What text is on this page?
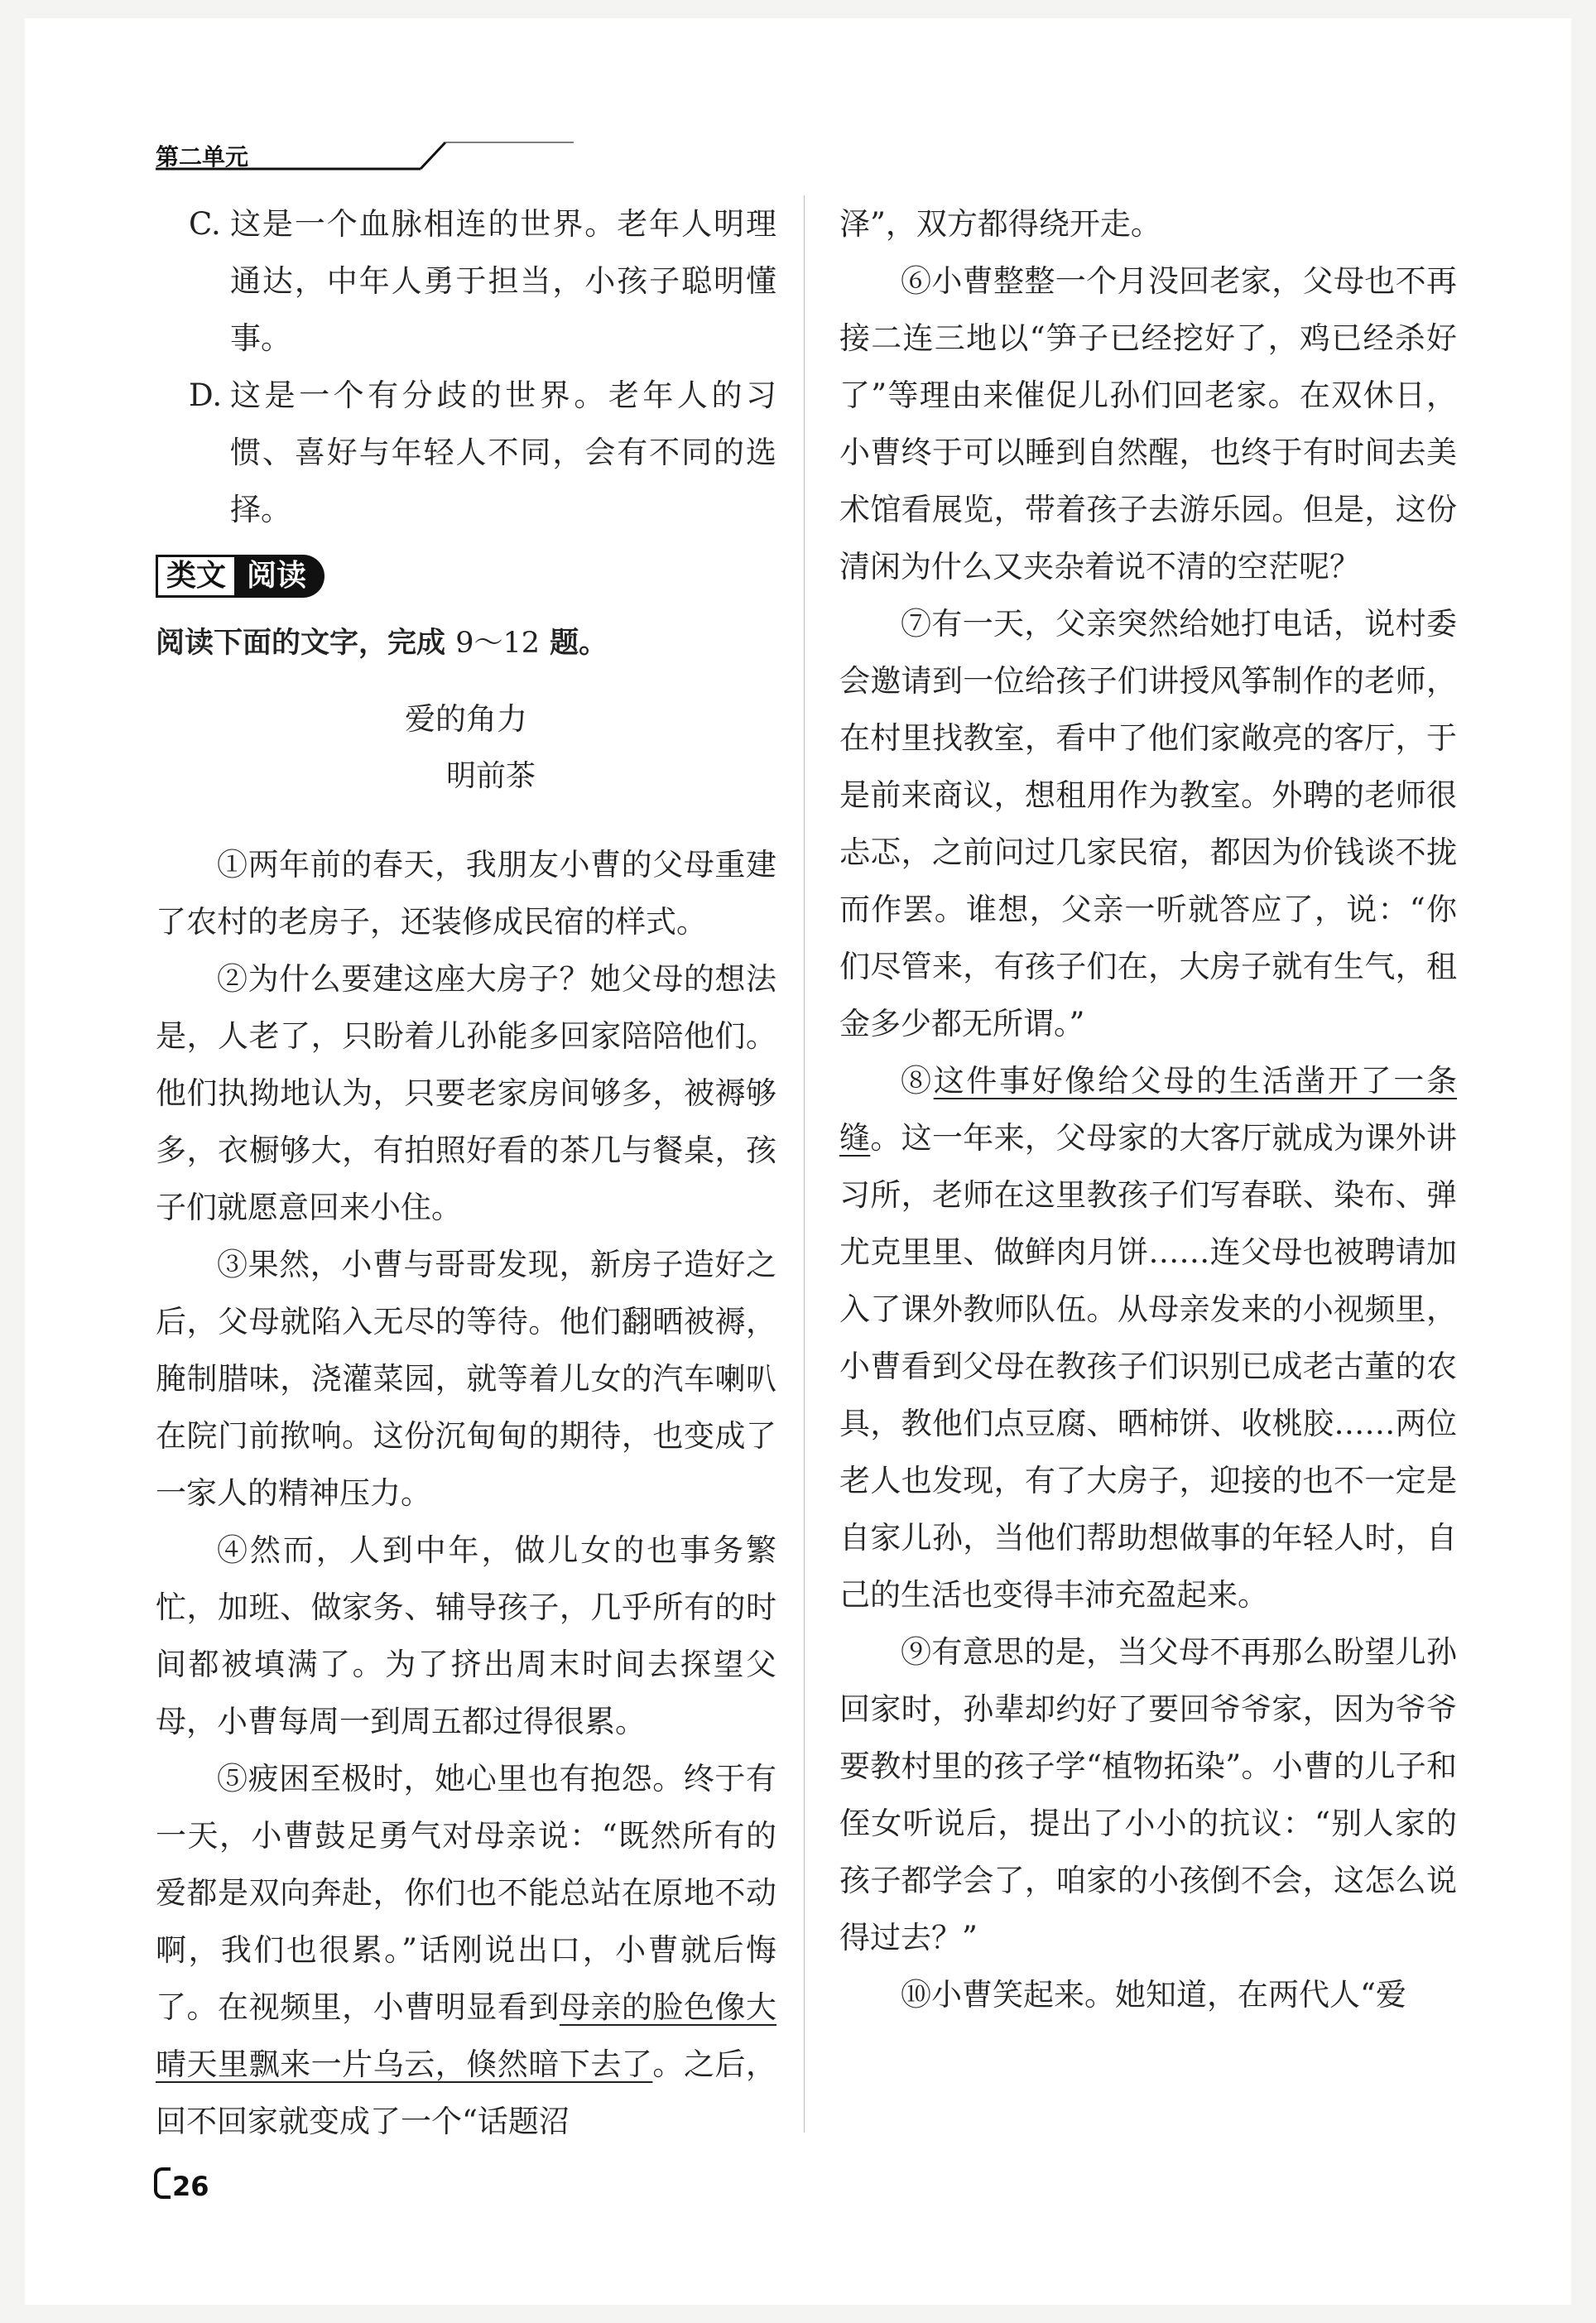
第二单元

C. 这是一个血脉相连的世界。老年人明理通达，中年人勇于担当，小孩子聪明懂事。

D. 这是一个有分歧的世界。老年人的习惯、喜好与年轻人不同，会有不同的选择。

类文 阅读

阅读下面的文字，完成 9～12 题。

爱的角力

明前茶

①两年前的春天，我朋友小曹的父母重建了农村的老房子，还装修成民宿的样式。

②为什么要建这座大房子？她父母的想法是，人老了，只盼着儿孙能多回家陪陪他们。他们执拗地认为，只要老家房间够多，被褥够多，衣橱够大，有拍照好看的茶几与餐桌，孩子们就愿意回来小住。

③果然，小曹与哥哥发现，新房子造好之后，父母就陷入无尽的等待。他们翻晒被褥，腌制腊味，浇灌菜园，就等着儿女的汽车喇叭在院门前揿响。这份沉甸甸的期待，也变成了一家人的精神压力。

④然而，人到中年，做儿女的也事务繁忙，加班、做家务、辅导孩子，几乎所有的时间都被填满了。为了挤出周末时间去探望父母，小曹每周一到周五都过得很累。

⑤疲困至极时，她心里也有抱怨。终于有一天，小曹鼓足勇气对母亲说：“既然所有的爱都是双向奔赴，你们也不能总站在原地不动啊，我们也很累。”话刚说出口，小曹就后悔了。在视频里，小曹明显看到母亲的脸色像大晴天里飘来一片乌云，倏然暗下去了。之后，回不回家就变成了一个“话题沼

泽”，双方都得绕开走。

⑥小曹整整一个月没回老家，父母也不再接二连三地以“笋子已经挖好了，鸡已经杀好了”等理由来催促儿孙们回老家。在双休日，小曹终于可以睡到自然醒，也终于有时间去美术馆看展览，带着孩子去游乐园。但是，这份清闲为什么又夹杂着说不清的空茫呢？

⑦有一天，父亲突然给她打电话，说村委会邀请到一位给孩子们讲授风筝制作的老师，在村里找教室，看中了他们家敞亮的客厅，于是前来商议，想租用作为教室。外聘的老师很忐忑，之前问过几家民宿，都因为价钱谈不拢而作罢。谁想，父亲一听就答应了，说：“你们尽管来，有孩子们在，大房子就有生气，租金多少都无所谓。”

⑧这件事好像给父母的生活凿开了一条缝。这一年来，父母家的大客厅就成为课外讲习所，老师在这里教孩子们写春联、染布、弹尤克里里、做鲜肉月饼……连父母也被聘请加入了课外教师队伍。从母亲发来的小视频里，小曹看到父母在教孩子们识别已成老古董的农具，教他们点豆腐、晒柿饼、收桃胶……两位老人也发现，有了大房子，迎接的也不一定是自家儿孙，当他们帮助想做事的年轻人时，自己的生活也变得丰沛充盈起来。

⑨有意思的是，当父母不再那么盼望儿孙回家时，孙辈却约好了要回爷爷家，因为爷爷要教村里的孩子学“植物拓染”。小曹的儿子和侄女听说后，提出了小小的抗议：“别人家的孩子都学会了，咱家的小孩倒不会，这怎么说得过去？”

⑩小曹笑起来。她知道，在两代人“爱

26
